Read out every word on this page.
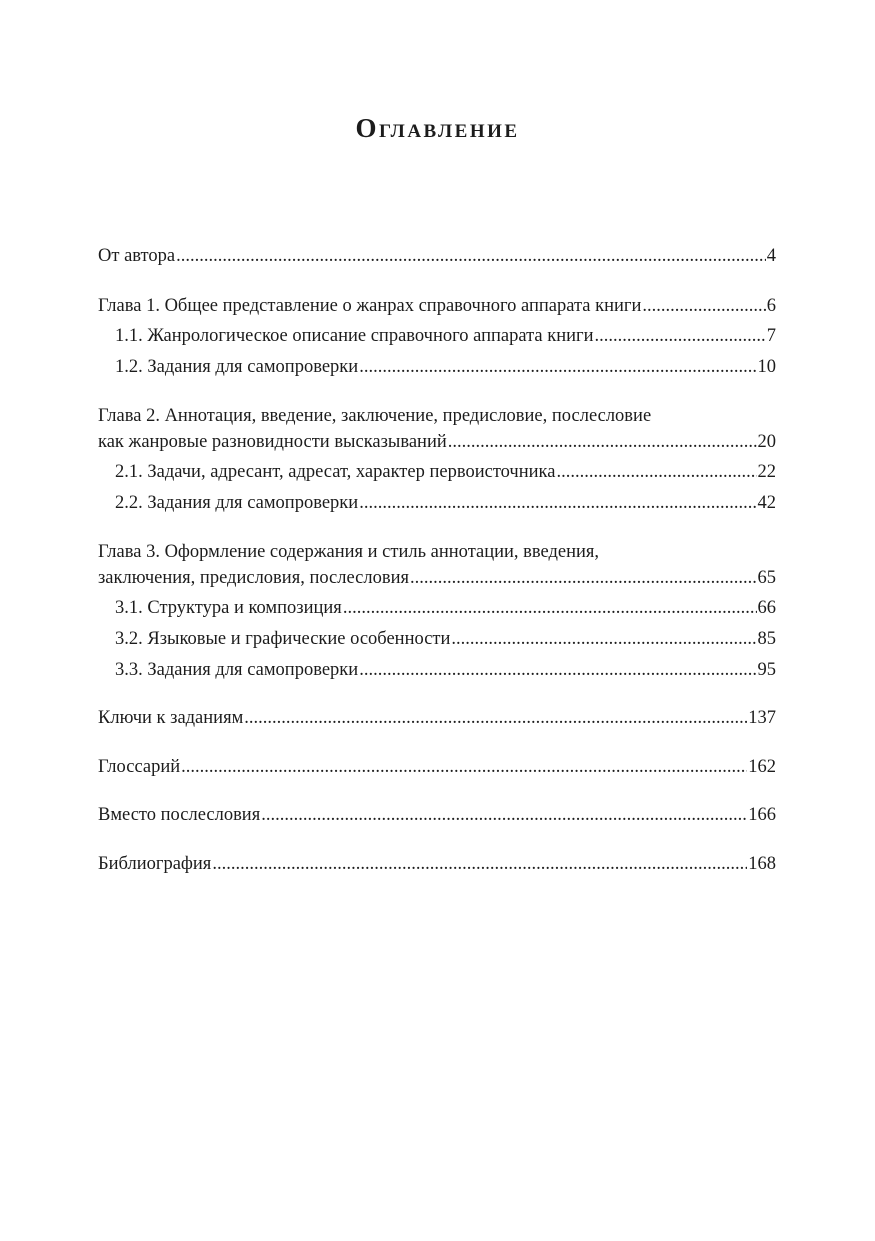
Оглавление
От автора .....	4
Глава 1. Общее представление о жанрах справочного аппарата книги .....	6
1.1. Жанрологическое описание справочного аппарата книги .....	7
1.2. Задания для самопроверки .....	10
Глава 2. Аннотация, введение, заключение, предисловие, послесловие
как жанровые разновидности высказываний .....	20
2.1. Задачи, адресант, адресат, характер первоисточника .....	22
2.2. Задания для самопроверки .....	42
Глава 3. Оформление содержания и стиль аннотации, введения,
заключения, предисловия, послесловия .....	65
3.1. Структура и композиция .....	66
3.2. Языковые и графические особенности .....	85
3.3. Задания для самопроверки .....	95
Ключи к заданиям .....	137
Глоссарий .....	162
Вместо послесловия .....	166
Библиография .....	168
